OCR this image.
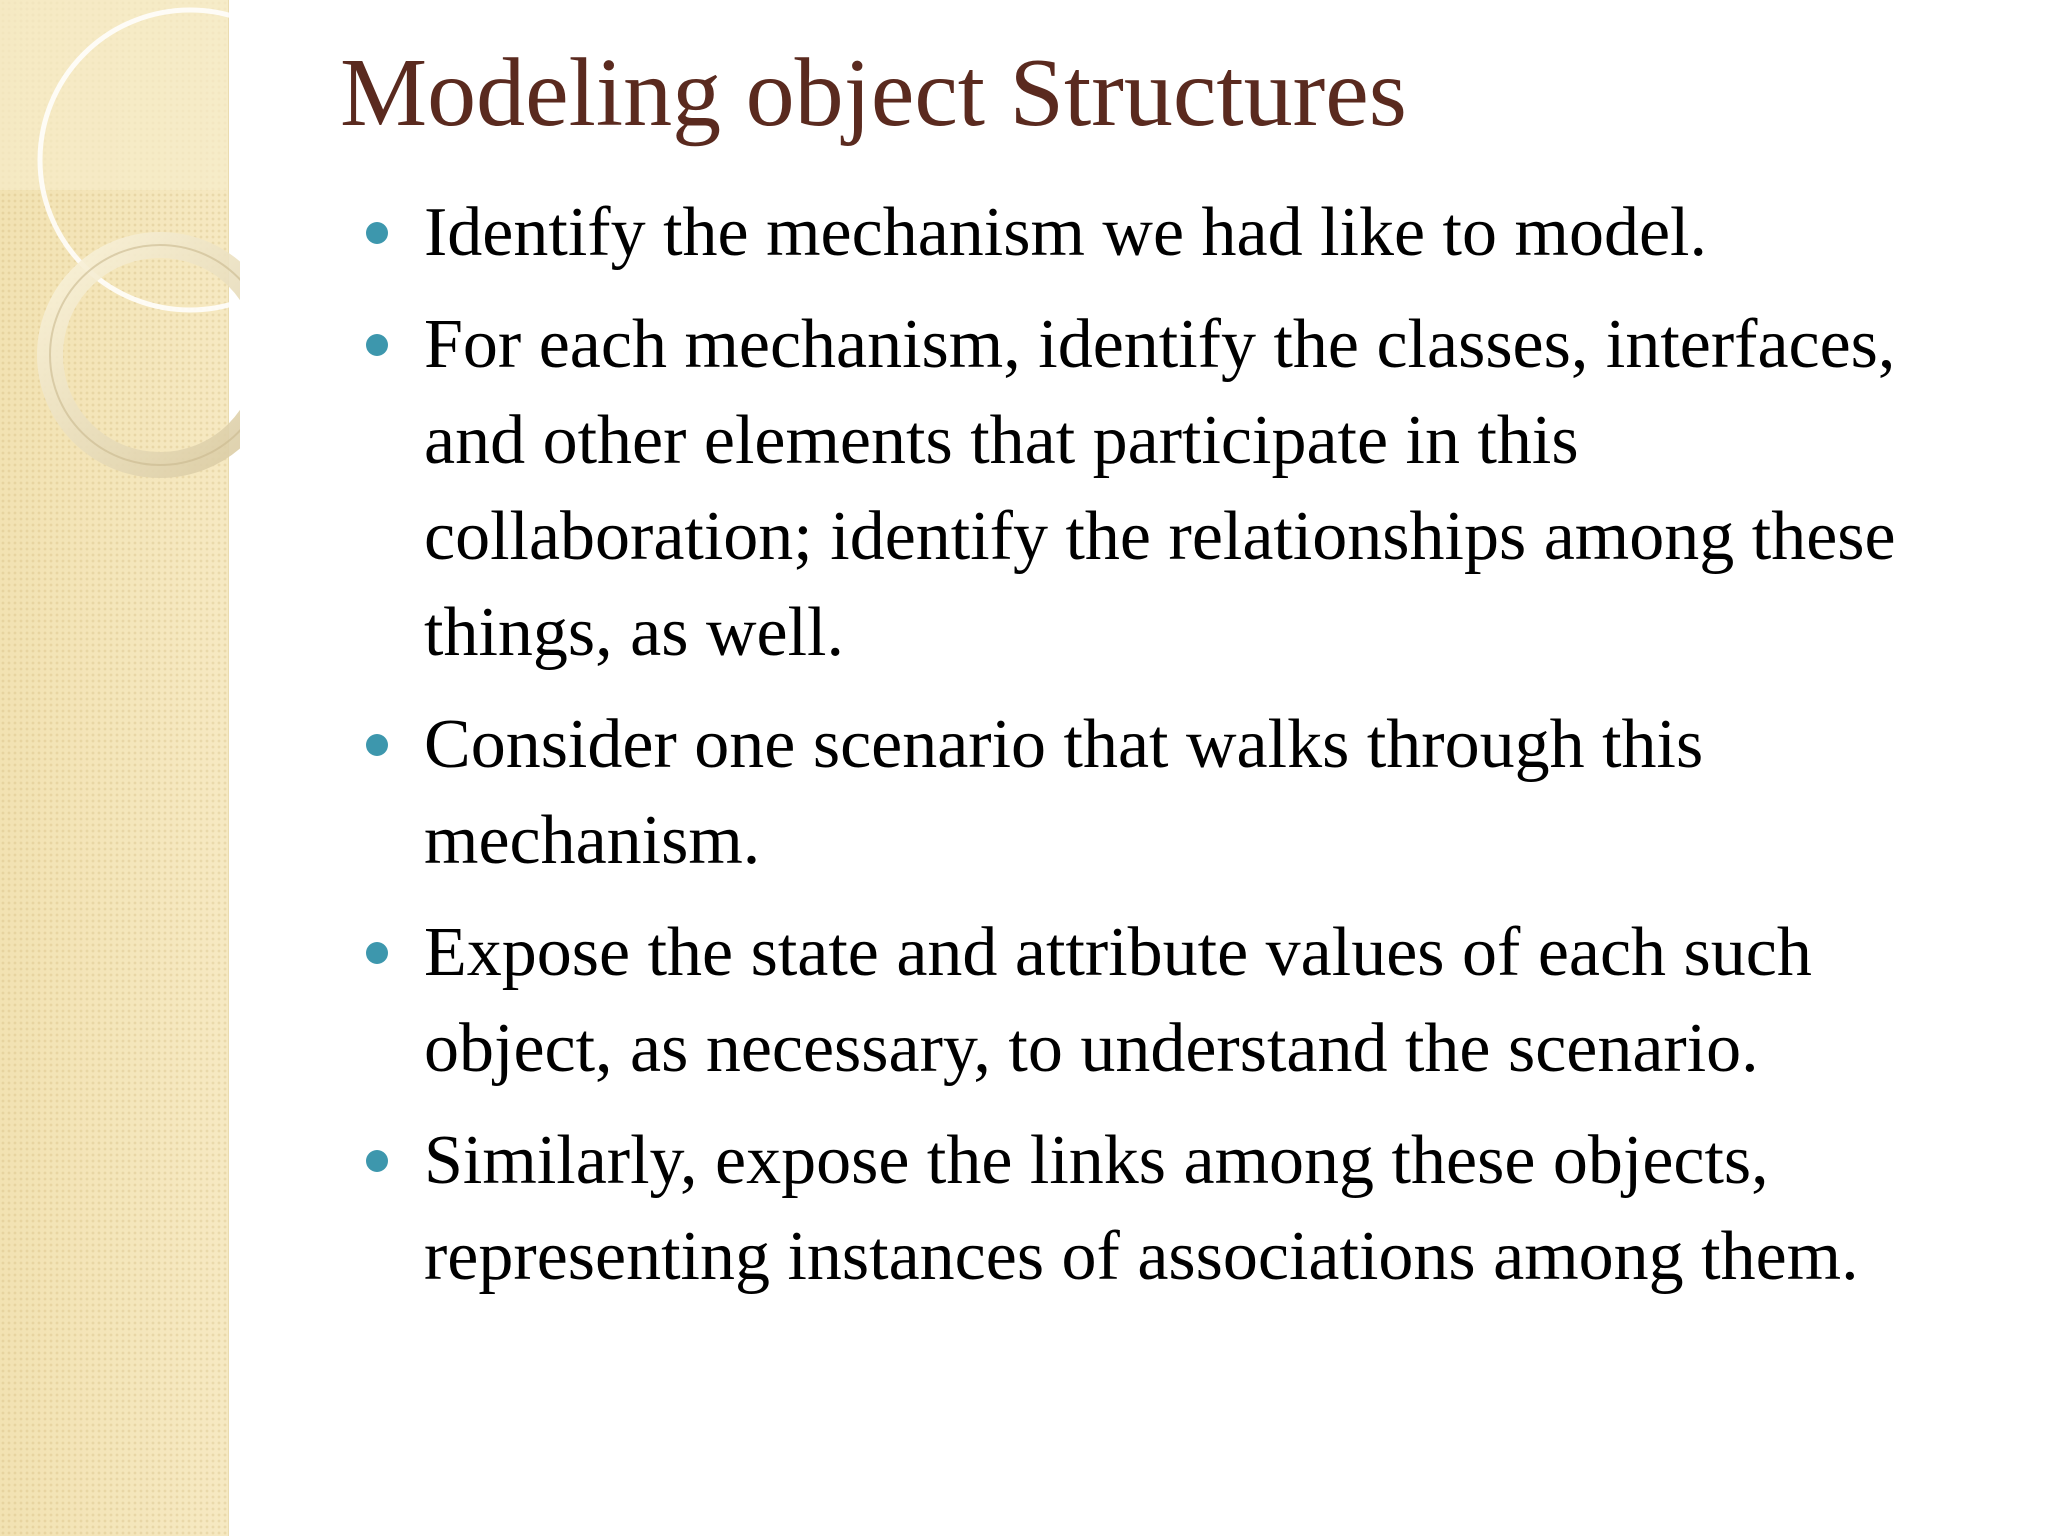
Modeling object Structures
Identify the mechanism we had like to model.
For each mechanism, identify the classes, interfaces, and other elements that participate in this collaboration; identify the relationships among these things, as well.
Consider one scenario that walks through this mechanism.
Expose the state and attribute values of each such object, as necessary, to understand the scenario.
Similarly, expose the links among these objects, representing instances of associations among them.
